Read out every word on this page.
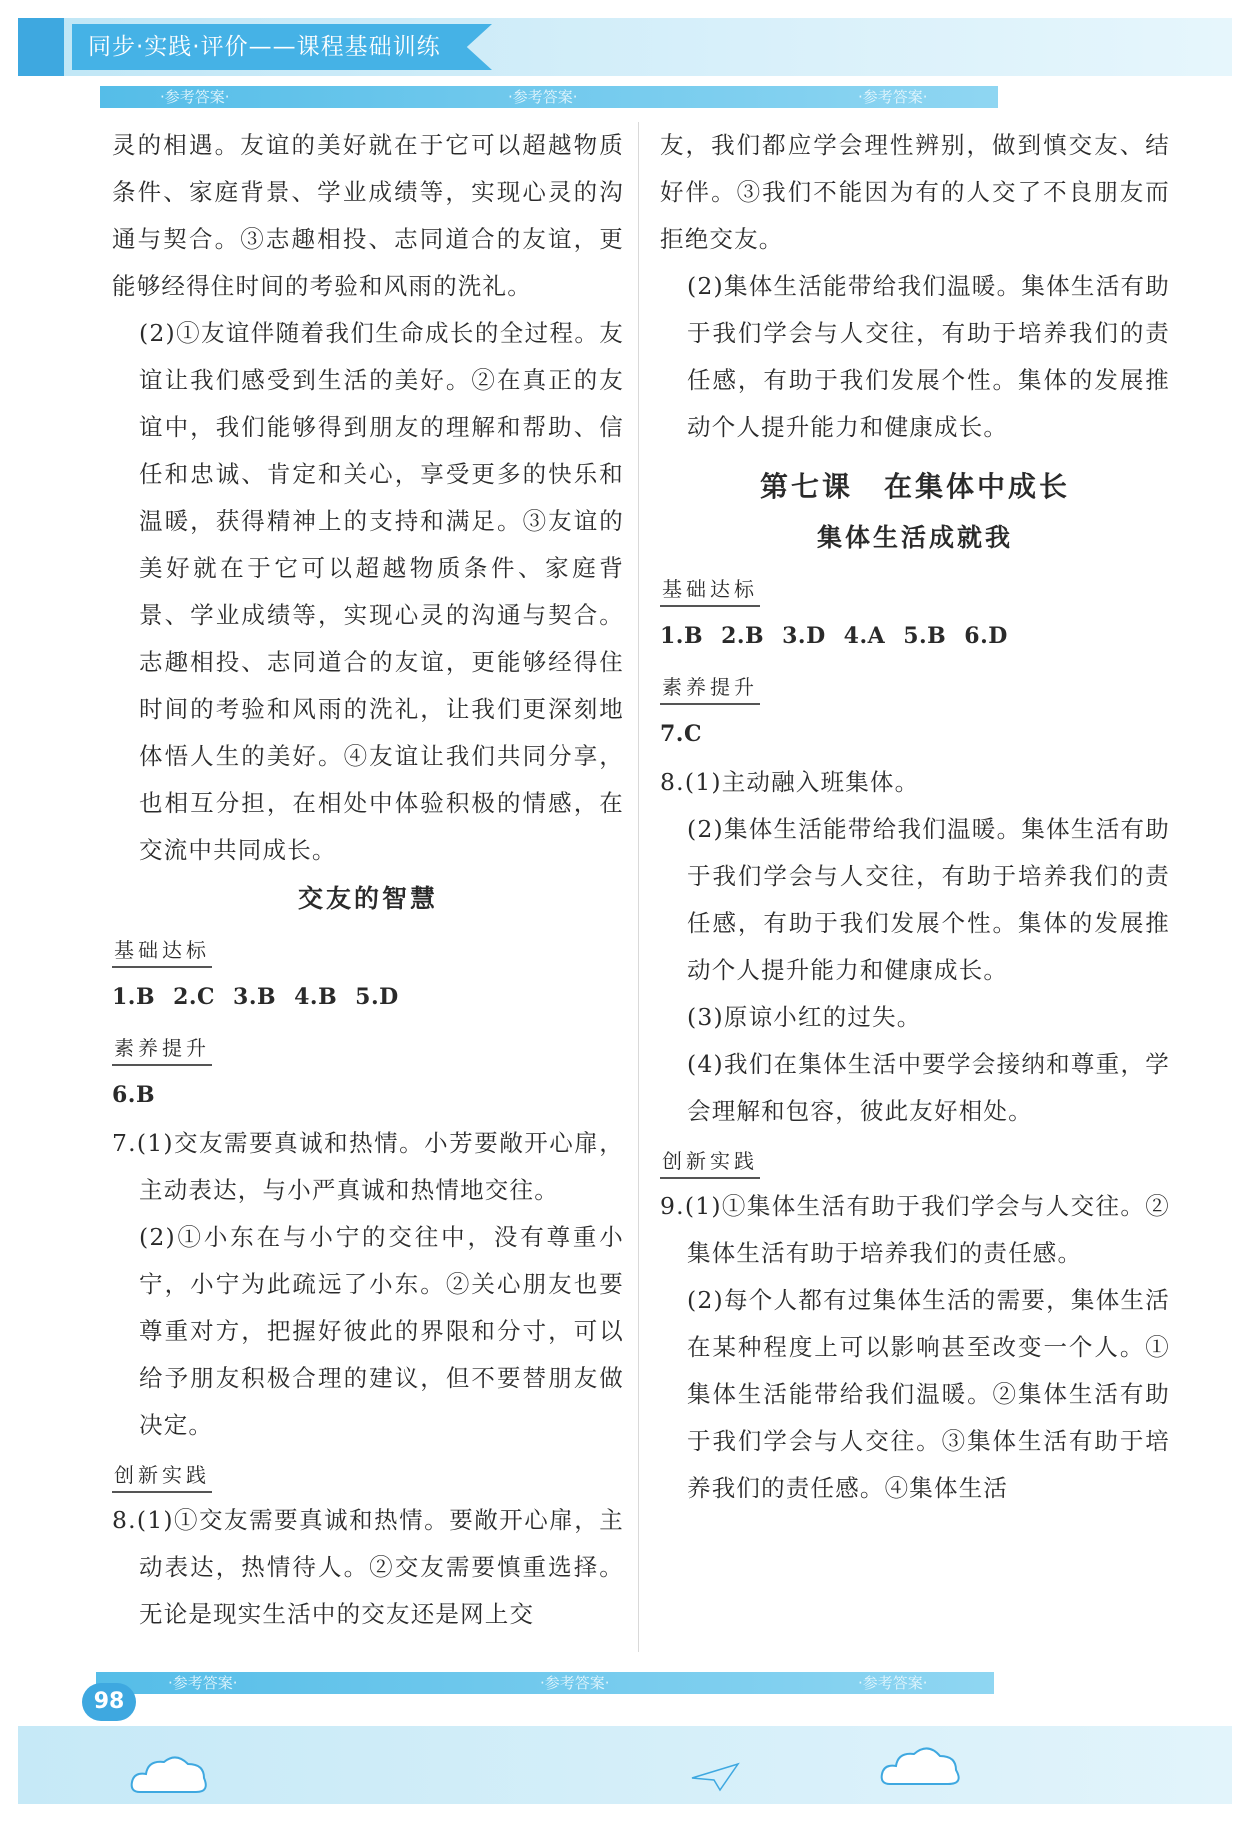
同步·实践·评价——课程基础训练
·参考答案·	·参考答案·	·参考答案·

灵的相遇。友谊的美好就在于它可以超越物质条件、家庭背景、学业成绩等，实现心灵的沟通与契合。③志趣相投、志同道合的友谊，更能够经得住时间的考验和风雨的洗礼。

(2)①友谊伴随着我们生命成长的全过程。友谊让我们感受到生活的美好。②在真正的友谊中，我们能够得到朋友的理解和帮助、信任和忠诚、肯定和关心，享受更多的快乐和温暖，获得精神上的支持和满足。③友谊的美好就在于它可以超越物质条件、家庭背景、学业成绩等，实现心灵的沟通与契合。志趣相投、志同道合的友谊，更能够经得住时间的考验和风雨的洗礼，让我们更深刻地体悟人生的美好。④友谊让我们共同分享，也相互分担，在相处中体验积极的情感，在交流中共同成长。

交友的智慧

基础达标

1.B 2.C 3.B 4.B 5.D

素养提升

6.B

7.(1)交友需要真诚和热情。小芳要敞开心扉，主动表达，与小严真诚和热情地交往。

(2)①小东在与小宁的交往中，没有尊重小宁，小宁为此疏远了小东。②关心朋友也要尊重对方，把握好彼此的界限和分寸，可以给予朋友积极合理的建议，但不要替朋友做决定。

创新实践

8.(1)①交友需要真诚和热情。要敞开心扉，主动表达，热情待人。②交友需要慎重选择。无论是现实生活中的交友还是网上交

友，我们都应学会理性辨别，做到慎交友、结好伴。③我们不能因为有的人交了不良朋友而拒绝交友。

(2)集体生活能带给我们温暖。集体生活有助于我们学会与人交往，有助于培养我们的责任感，有助于我们发展个性。集体的发展推动个人提升能力和健康成长。

第七课　在集体中成长

集体生活成就我

基础达标

1.B 2.B 3.D 4.A 5.B 6.D

素养提升

7.C

8.(1)主动融入班集体。

(2)集体生活能带给我们温暖。集体生活有助于我们学会与人交往，有助于培养我们的责任感，有助于我们发展个性。集体的发展推动个人提升能力和健康成长。

(3)原谅小红的过失。

(4)我们在集体生活中要学会接纳和尊重，学会理解和包容，彼此友好相处。

创新实践

9.(1)①集体生活有助于我们学会与人交往。②集体生活有助于培养我们的责任感。

(2)每个人都有过集体生活的需要，集体生活在某种程度上可以影响甚至改变一个人。①集体生活能带给我们温暖。②集体生活有助于我们学会与人交往。③集体生活有助于培养我们的责任感。④集体生活

·参考答案·	·参考答案·	·参考答案·
98
